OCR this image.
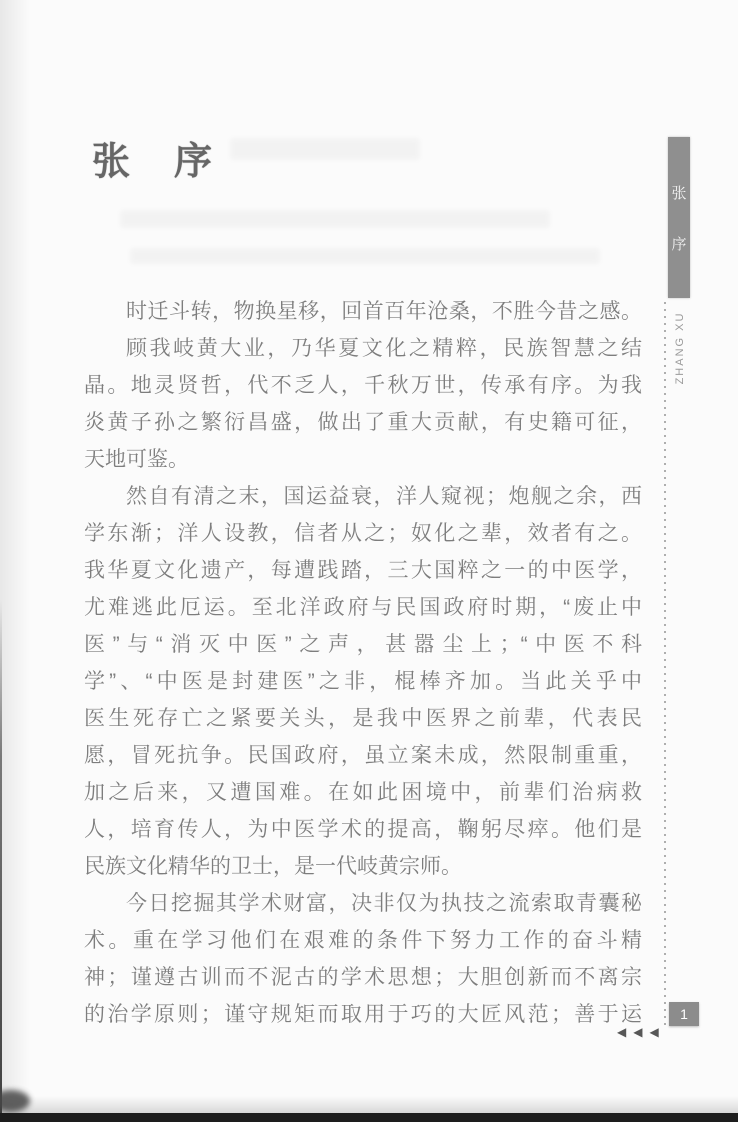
张 序
时迁斗转，物换星移，回首百年沧桑，不胜今昔之感。
顾我岐黄大业，乃华夏文化之精粹，民族智慧之结
晶。地灵贤哲，代不乏人，千秋万世，传承有序。为我
炎黄子孙之繁衍昌盛，做出了重大贡献，有史籍可征，
天地可鉴。
然自有清之末，国运益衰，洋人窥视；炮舰之余，西
学东渐；洋人设教，信者从之；奴化之辈，效者有之。
我华夏文化遗产，每遭践踏，三大国粹之一的中医学，
尤难逃此厄运。至北洋政府与民国政府时期，“废止中
医”与“消灭中医”之声，甚嚣尘上；“中医不科
学”、“中医是封建医”之非，棍棒齐加。当此关乎中
医生死存亡之紧要关头，是我中医界之前辈，代表民
愿，冒死抗争。民国政府，虽立案未成，然限制重重，
加之后来，又遭国难。在如此困境中，前辈们治病救
人，培育传人，为中医学术的提高，鞠躬尽瘁。他们是
民族文化精华的卫士，是一代岐黄宗师。
今日挖掘其学术财富，决非仅为执技之流索取青囊秘
术。重在学习他们在艰难的条件下努力工作的奋斗精
神；谨遵古训而不泥古的学术思想；大胆创新而不离宗
的治学原则；谨守规矩而取用于巧的大匠风范；善于运
张
序
ZHANG XU
1
◀ ◀ ◀
